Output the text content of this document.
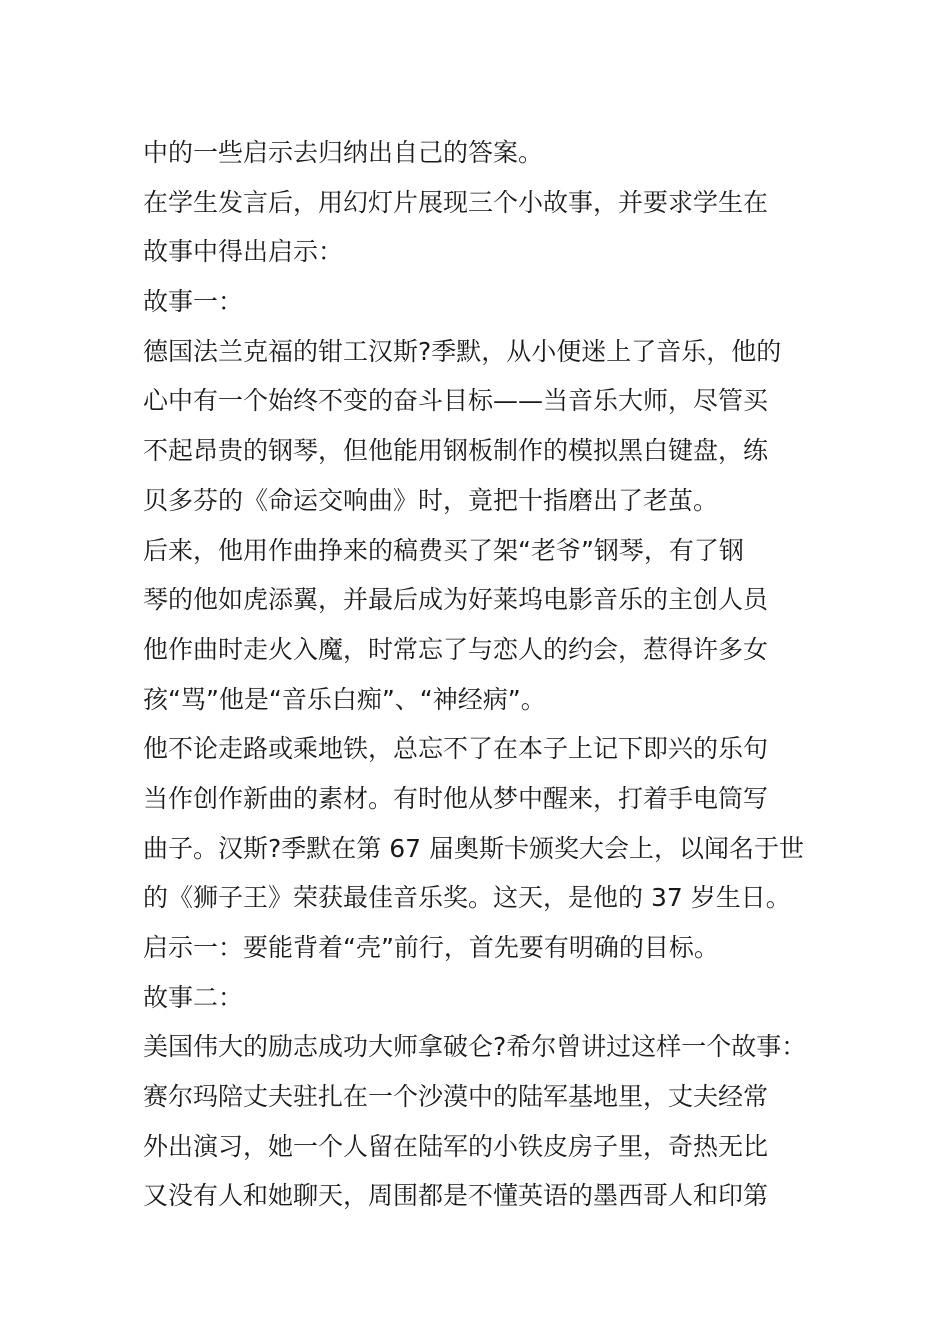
中的一些启示去归纳出自己的答案。
在学生发言后，用幻灯片展现三个小故事，并要求学生在
故事中得出启示：
故事一：
德国法兰克福的钳工汉斯?季默，从小便迷上了音乐，他的
心中有一个始终不变的奋斗目标——当音乐大师，尽管买
不起昂贵的钢琴，但他能用钢板制作的模拟黑白键盘，练
贝多芬的《命运交响曲》时，竟把十指磨出了老茧。
后来，他用作曲挣来的稿费买了架“老爷”钢琴，有了钢
琴的他如虎添翼，并最后成为好莱坞电影音乐的主创人员
他作曲时走火入魔，时常忘了与恋人的约会，惹得许多女
孩“骂”他是“音乐白痴”、“神经病”。
他不论走路或乘地铁，总忘不了在本子上记下即兴的乐句
当作创作新曲的素材。有时他从梦中醒来，打着手电筒写
曲子。汉斯?季默在第 67 届奥斯卡颁奖大会上，以闻名于世
的《狮子王》荣获最佳音乐奖。这天，是他的 37 岁生日。
启示一：要能背着“壳”前行，首先要有明确的目标。
故事二：
美国伟大的励志成功大师拿破仑?希尔曾讲过这样一个故事：
赛尔玛陪丈夫驻扎在一个沙漠中的陆军基地里，丈夫经常
外出演习，她一个人留在陆军的小铁皮房子里，奇热无比
又没有人和她聊天，周围都是不懂英语的墨西哥人和印第
